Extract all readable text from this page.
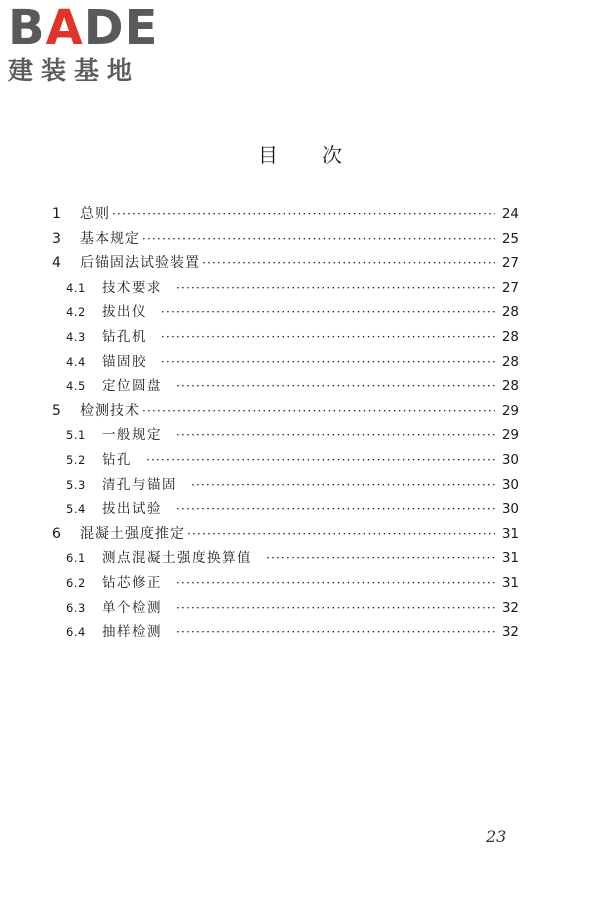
BADE
建装基地
目次
1	总则 ·····	24
3	基本规定 ·····	25
4	后锚固法试验装置 ·····	27
4.1	技术要求 ·····	27
4.2	拔出仪 ·····	28
4.3	钻孔机 ·····	28
4.4	锚固胶 ·····	28
4.5	定位圆盘 ·····	28
5	检测技术 ·····	29
5.1	一般规定 ·····	29
5.2	钻孔 ·····	30
5.3	清孔与锚固 ·····	30
5.4	拔出试验 ·····	30
6	混凝土强度推定 ·····	31
6.1	测点混凝土强度换算值 ·····	31
6.2	钻芯修正 ·····	31
6.3	单个检测 ·····	32
6.4	抽样检测 ·····	32
23
